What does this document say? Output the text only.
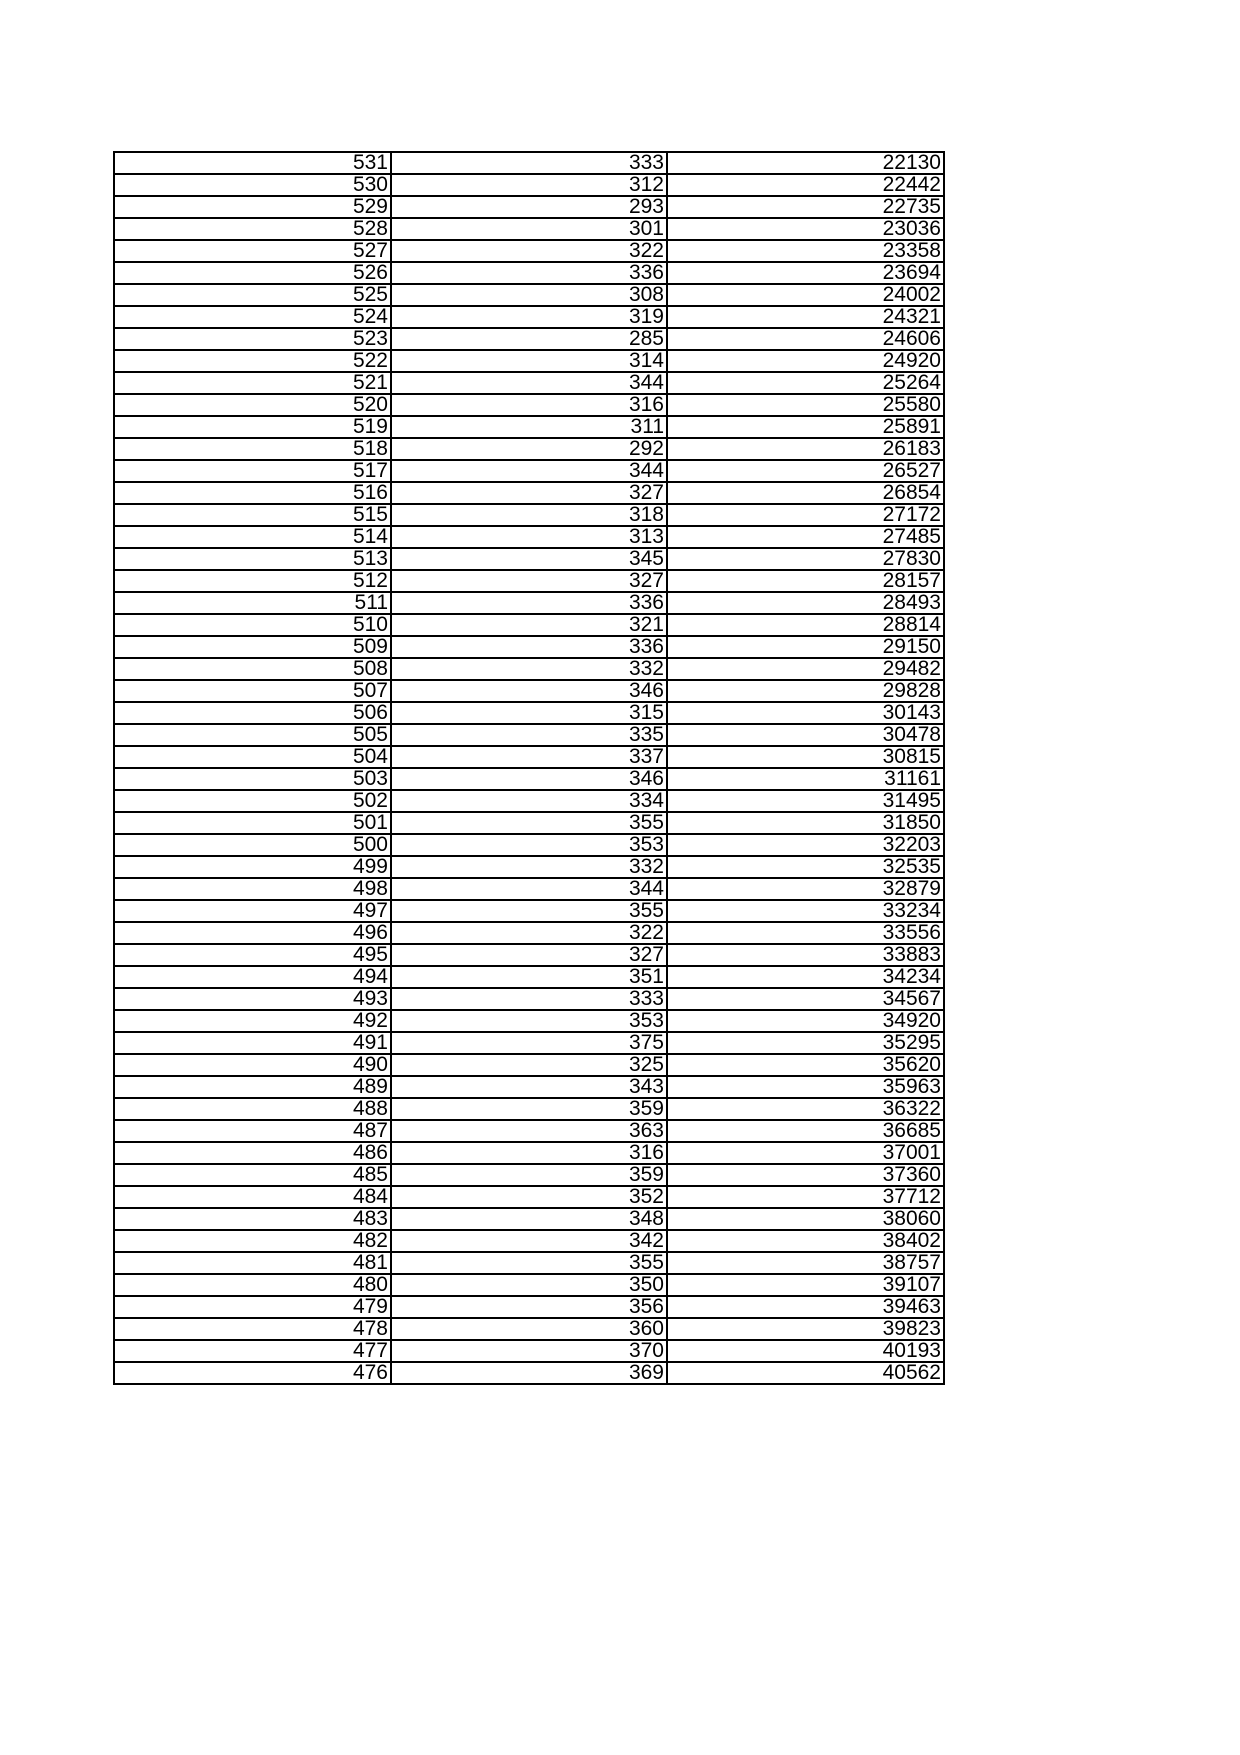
531	333	22130
530	312	22442
529	293	22735
528	301	23036
527	322	23358
526	336	23694
525	308	24002
524	319	24321
523	285	24606
522	314	24920
521	344	25264
520	316	25580
519	311	25891
518	292	26183
517	344	26527
516	327	26854
515	318	27172
514	313	27485
513	345	27830
512	327	28157
511	336	28493
510	321	28814
509	336	29150
508	332	29482
507	346	29828
506	315	30143
505	335	30478
504	337	30815
503	346	31161
502	334	31495
501	355	31850
500	353	32203
499	332	32535
498	344	32879
497	355	33234
496	322	33556
495	327	33883
494	351	34234
493	333	34567
492	353	34920
491	375	35295
490	325	35620
489	343	35963
488	359	36322
487	363	36685
486	316	37001
485	359	37360
484	352	37712
483	348	38060
482	342	38402
481	355	38757
480	350	39107
479	356	39463
478	360	39823
477	370	40193
476	369	40562
